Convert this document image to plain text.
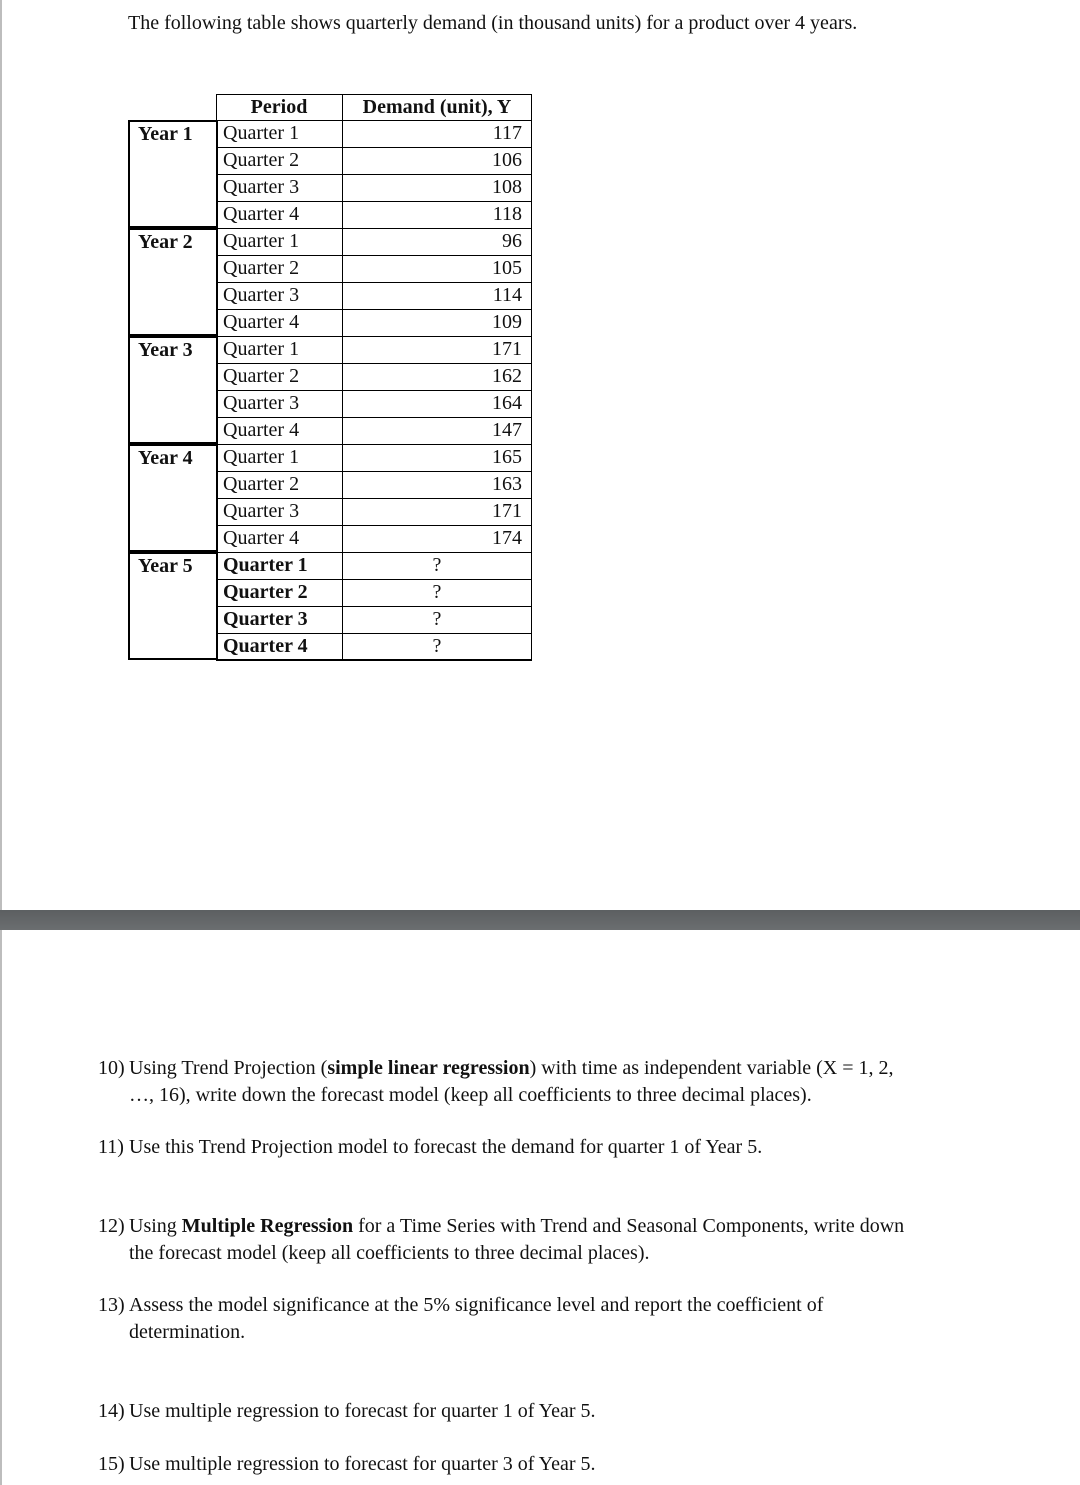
The following table shows quarterly demand (in thousand units) for a product over 4 years.
Period	Demand (unit), Y
Year 1	Quarter 1	117
Quarter 2	106
Quarter 3	108
Quarter 4	118
Year 2	Quarter 1	96
Quarter 2	105
Quarter 3	114
Quarter 4	109
Year 3	Quarter 1	171
Quarter 2	162
Quarter 3	164
Quarter 4	147
Year 4	Quarter 1	165
Quarter 2	163
Quarter 3	171
Quarter 4	174
Year 5	Quarter 1	?
Quarter 2	?
Quarter 3	?
Quarter 4	?
10) Using Trend Projection (simple linear regression) with time as independent variable (X = 1, 2,
…, 16), write down the forecast model (keep all coefficients to three decimal places).
11) Use this Trend Projection model to forecast the demand for quarter 1 of Year 5.
12) Using Multiple Regression for a Time Series with Trend and Seasonal Components, write down
the forecast model (keep all coefficients to three decimal places).
13) Assess the model significance at the 5% significance level and report the coefficient of
determination.
14) Use multiple regression to forecast for quarter 1 of Year 5.
15) Use multiple regression to forecast for quarter 3 of Year 5.
